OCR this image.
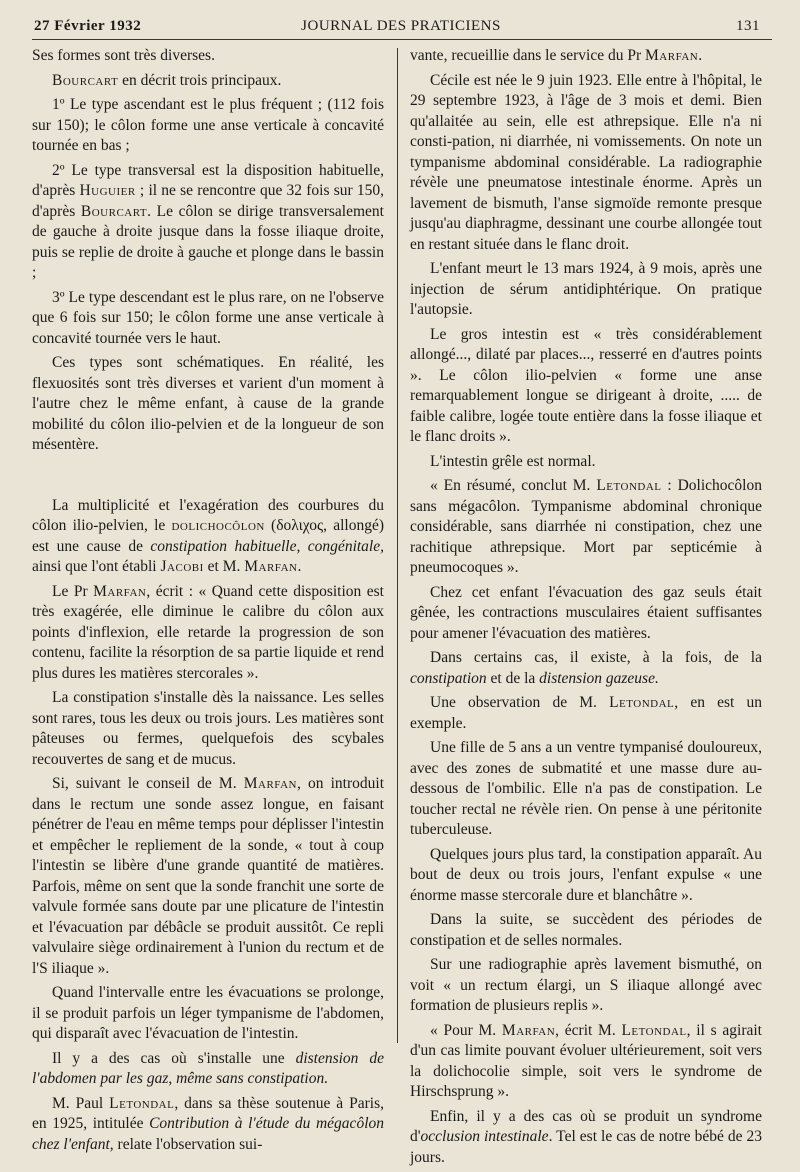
27 Février 1932	JOURNAL DES PRATICIENS	131

Ses formes sont très diverses.

Bourcart en décrit trois principaux.

1º Le type ascendant est le plus fréquent ; (112 fois sur 150); le côlon forme une anse verticale à concavité tournée en bas ;

2º Le type transversal est la disposition habituelle, d'après Huguier ; il ne se rencontre que 32 fois sur 150, d'après Bourcart. Le côlon se dirige transversalement de gauche à droite jusque dans la fosse iliaque droite, puis se replie de droite à gauche et plonge dans le bassin ;

3º Le type descendant est le plus rare, on ne l'observe que 6 fois sur 150; le côlon forme une anse verticale à concavité tournée vers le haut.

Ces types sont schématiques. En réalité, les flexuosités sont très diverses et varient d'un moment à l'autre chez le même enfant, à cause de la grande mobilité du côlon ilio-pelvien et de la longueur de son mésentère.

La multiplicité et l'exagération des courbures du côlon ilio-pelvien, le dolichocôlon (δολιχος, allongé) est une cause de constipation habituelle, congénitale, ainsi que l'ont établi Jacobi et M. Marfan.

Le Pr Marfan, écrit : « Quand cette disposition est très exagérée, elle diminue le calibre du côlon aux points d'inflexion, elle retarde la progression de son contenu, facilite la résorption de sa partie liquide et rend plus dures les matières stercorales ».

La constipation s'installe dès la naissance. Les selles sont rares, tous les deux ou trois jours. Les matières sont pâteuses ou fermes, quelquefois des scybales recouvertes de sang et de mucus.

Si, suivant le conseil de M. Marfan, on introduit dans le rectum une sonde assez longue, en faisant pénétrer de l'eau en même temps pour déplisser l'intestin et empêcher le repliement de la sonde, « tout à coup l'intestin se libère d'une grande quantité de matières. Parfois, même on sent que la sonde franchit une sorte de valvule formée sans doute par une plicature de l'intestin et l'évacuation par débâcle se produit aussitôt. Ce repli valvulaire siège ordinairement à l'union du rectum et de l'S iliaque ».

Quand l'intervalle entre les évacuations se prolonge, il se produit parfois un léger tympanisme de l'abdomen, qui disparaît avec l'évacuation de l'intestin.

Il y a des cas où s'installe une distension de l'abdomen par les gaz, même sans constipation.

M. Paul Letondal, dans sa thèse soutenue à Paris, en 1925, intitulée Contribution à l'étude du mégacôlon chez l'enfant, relate l'observation sui-

vante, recueillie dans le service du Pr Marfan.

Cécile est née le 9 juin 1923. Elle entre à l'hôpital, le 29 septembre 1923, à l'âge de 3 mois et demi. Bien qu'allaitée au sein, elle est athrepsique. Elle n'a ni consti-pation, ni diarrhée, ni vomissements. On note un tympanisme abdominal considérable. La radiographie révèle une pneumatose intestinale énorme. Après un lavement de bismuth, l'anse sigmoïde remonte presque jusqu'au diaphragme, dessinant une courbe allongée tout en restant située dans le flanc droit.

L'enfant meurt le 13 mars 1924, à 9 mois, après une injection de sérum antidiphtérique. On pratique l'autopsie.

Le gros intestin est « très considérablement allongé..., dilaté par places..., resserré en d'autres points ». Le côlon ilio-pelvien « forme une anse remarquablement longue se dirigeant à droite, ..... de faible calibre, logée toute entière dans la fosse iliaque et le flanc droits ».

L'intestin grêle est normal.

« En résumé, conclut M. Letondal : Dolichocôlon sans mégacôlon. Tympanisme abdominal chronique considérable, sans diarrhée ni constipation, chez une rachitique athrepsique. Mort par septicémie à pneumocoques ».

Chez cet enfant l'évacuation des gaz seuls était gênée, les contractions musculaires étaient suffisantes pour amener l'évacuation des matières.

Dans certains cas, il existe, à la fois, de la constipation et de la distension gazeuse.

Une observation de M. Letondal, en est un exemple.

Une fille de 5 ans a un ventre tympanisé douloureux, avec des zones de submatité et une masse dure au-dessous de l'ombilic. Elle n'a pas de constipation. Le toucher rectal ne révèle rien. On pense à une péritonite tuberculeuse.

Quelques jours plus tard, la constipation apparaît. Au bout de deux ou trois jours, l'enfant expulse « une énorme masse stercorale dure et blanchâtre ».

Dans la suite, se succèdent des périodes de constipation et de selles normales.

Sur une radiographie après lavement bismuthé, on voit « un rectum élargi, un S iliaque allongé avec formation de plusieurs replis ».

« Pour M. Marfan, écrit M. Letondal, il s agirait d'un cas limite pouvant évoluer ultérieurement, soit vers la dolichocolie simple, soit vers le syndrome de Hirschsprung ».

Enfin, il y a des cas où se produit un syndrome d'occlusion intestinale. Tel est le cas de notre bébé de 23 jours.
